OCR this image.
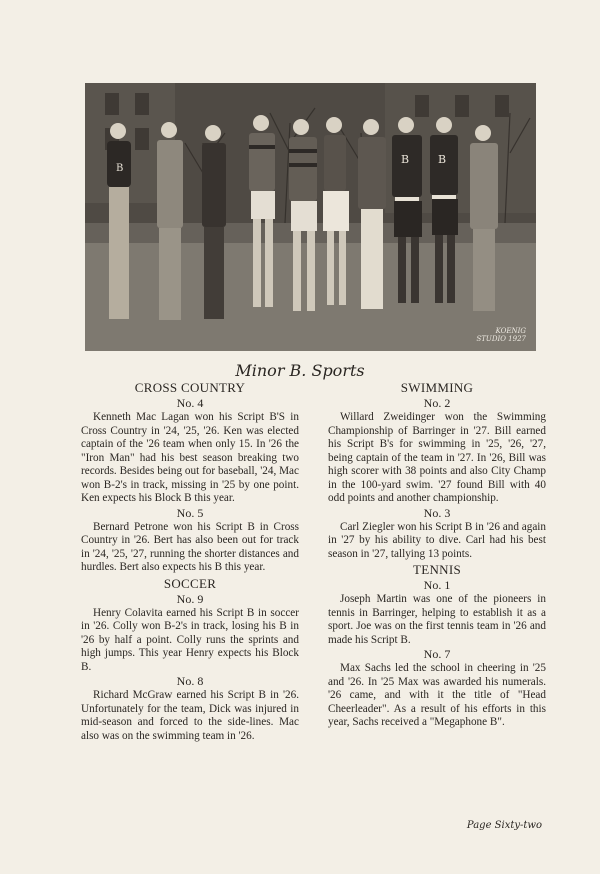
B
B	B
KOENIG
STUDIO 1927
Minor B. Sports
CROSS COUNTRY
No. 4

Kenneth Mac Lagan won his Script B'S in Cross Country in '24, '25, '26. Ken was elected captain of the '26 team when only 15. In '26 the "Iron Man" had his best season breaking two records. Besides being out for baseball, '24, Mac won B-2's in track, missing in '25 by one point. Ken expects his Block B this year.

No. 5

Bernard Petrone won his Script B in Cross Country in '26. Bert has also been out for track in '24, '25, '27, running the shorter distances and hurdles. Bert also expects his B this year.

SOCCER
No. 9

Henry Colavita earned his Script B in soccer in '26. Colly won B-2's in track, losing his B in '26 by half a point. Colly runs the sprints and high jumps. This year Henry expects his Block B.

No. 8

Richard McGraw earned his Script B in '26. Unfortunately for the team, Dick was injured in mid-season and forced to the side-lines. Mac also was on the swimming team in '26.

SWIMMING
No. 2

Willard Zweidinger won the Swimming Championship of Barringer in '27. Bill earned his Script B's for swimming in '25, '26, '27, being captain of the team in '27. In '26, Bill was high scorer with 38 points and also City Champ in the 100-yard swim. '27 found Bill with 40 odd points and another championship.

No. 3

Carl Ziegler won his Script B in '26 and again in '27 by his ability to dive. Carl had his best season in '27, tallying 13 points.

TENNIS
No. 1

Joseph Martin was one of the pioneers in tennis in Barringer, helping to establish it as a sport. Joe was on the first tennis team in '26 and made his Script B.

No. 7

Max Sachs led the school in cheering in '25 and '26. In '25 Max was awarded his numerals. '26 came, and with it the title of "Head Cheerleader". As a result of his efforts in this year, Sachs received a "Megaphone B".

Page Sixty-two
